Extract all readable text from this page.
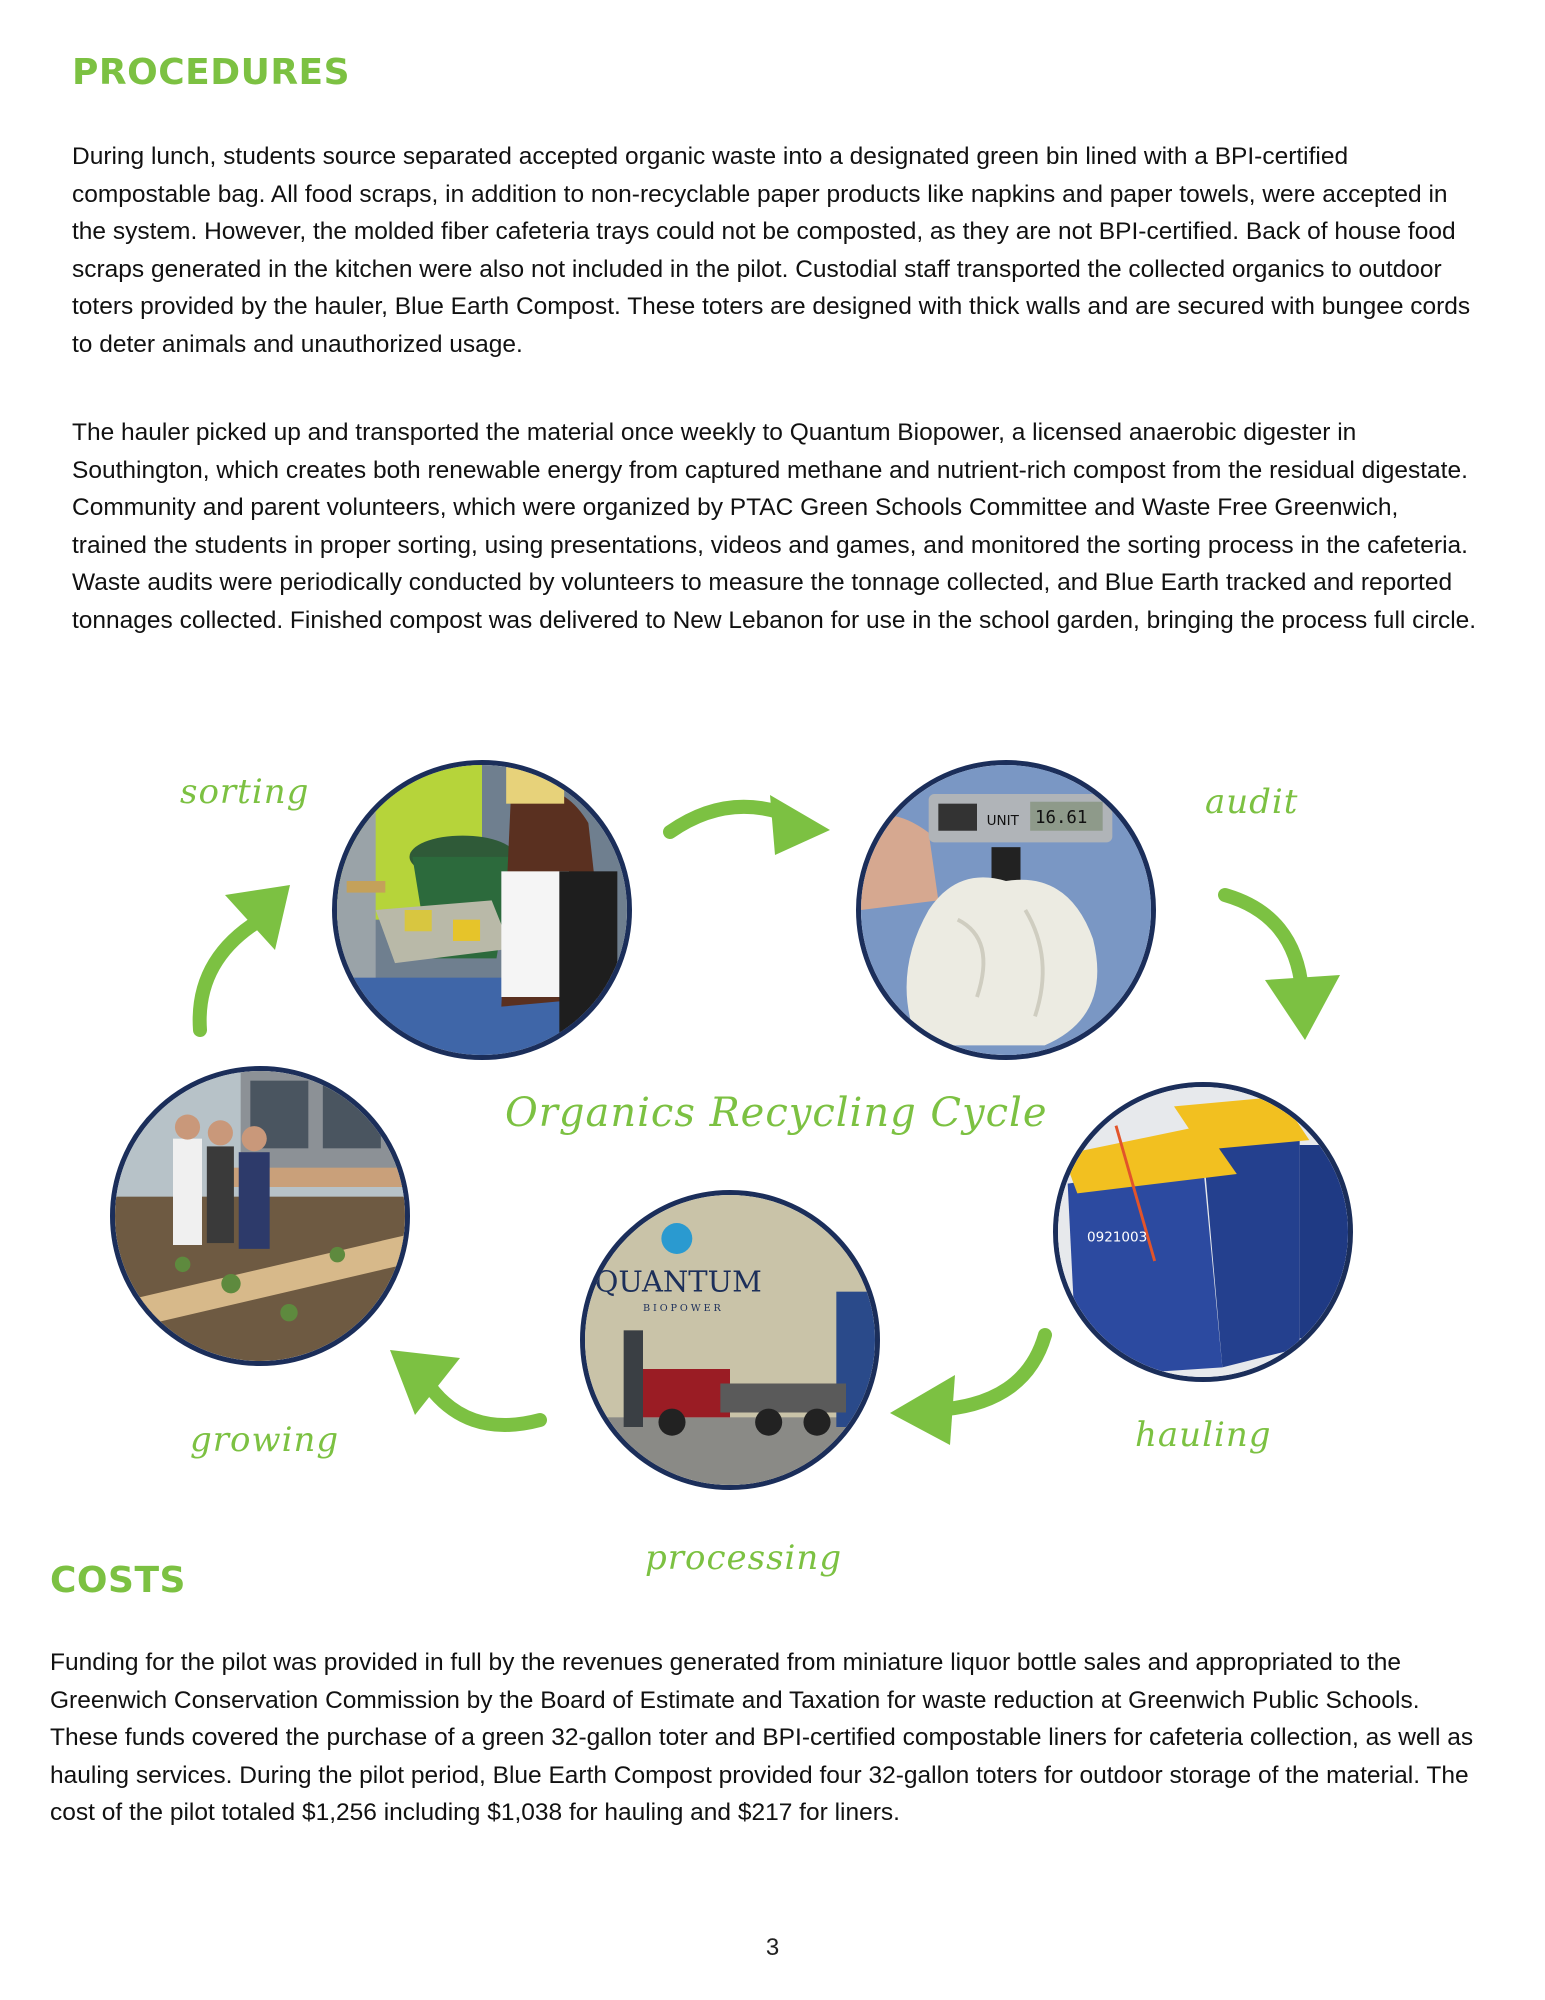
PROCEDURES

During lunch, students source separated accepted organic waste into a designated green bin lined with a BPI-certified compostable bag. All food scraps, in addition to non-recyclable paper products like napkins and paper towels, were accepted in the system. However, the molded fiber cafeteria trays could not be composted, as they are not BPI-certified. Back of house food scraps generated in the kitchen were also not included in the pilot. Custodial staff transported the collected organics to outdoor toters provided by the hauler, Blue Earth Compost. These toters are designed with thick walls and are secured with bungee cords to deter animals and unauthorized usage.

The hauler picked up and transported the material once weekly to Quantum Biopower, a licensed anaerobic digester in Southington, which creates both renewable energy from captured methane and nutrient-rich compost from the residual digestate. Community and parent volunteers, which were organized by PTAC Green Schools Committee and Waste Free Greenwich, trained the students in proper sorting, using presentations, videos and games, and monitored the sorting process in the cafeteria. Waste audits were periodically conducted by volunteers to measure the tonnage collected, and Blue Earth tracked and reported tonnages collected. Finished compost was delivered to New Lebanon for use in the school garden, bringing the process full circle.

UNIT 16.61
QUANTUM
BIOPOWER
0921003
sorting	audit
Organics Recycling Cycle
hauling
growing
processing
COSTS

Funding for the pilot was provided in full by the revenues generated from miniature liquor bottle sales and appropriated to the Greenwich Conservation Commission by the Board of Estimate and Taxation for waste reduction at Greenwich Public Schools. These funds covered the purchase of a green 32-gallon toter and BPI-certified compostable liners for cafeteria collection, as well as hauling services. During the pilot period, Blue Earth Compost provided four 32-gallon toters for outdoor storage of the material. The cost of the pilot totaled $1,256 including $1,038 for hauling and $217 for liners.

3
